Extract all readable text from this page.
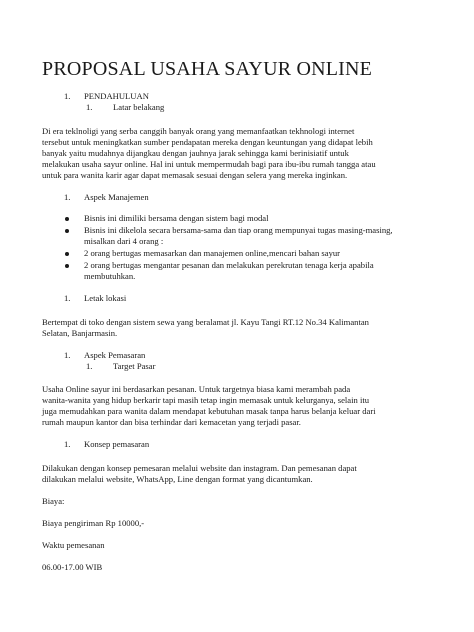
PROPOSAL USAHA SAYUR ONLINE
1. PENDAHULUAN
1. Latar belakang
Di era teklnoligi yang serba canggih banyak orang yang memanfaatkan tekhnologi internet
tersebut untuk meningkatkan sumber pendapatan mereka dengan keuntungan yang didapat lebih
banyak yaitu mudahnya dijangkau dengan jauhnya jarak sehingga kami berinisiatif untuk
melakukan usaha sayur online. Hal ini untuk mempermudah bagi para ibu-ibu rumah tangga atau
untuk para wanita karir agar dapat memasak sesuai dengan selera yang mereka inginkan.
1. Aspek Manajemen
Bisnis ini dimiliki bersama dengan sistem bagi modal
Bisnis ini dikelola secara bersama-sama dan tiap orang mempunyai tugas masing-masing,
misalkan dari 4 orang :
2 orang bertugas memasarkan dan manajemen online,mencari bahan sayur
2 orang bertugas mengantar pesanan dan melakukan perekrutan tenaga kerja apabila
membutuhkan.
1. Letak lokasi
Bertempat di toko dengan sistem sewa yang beralamat jl. Kayu Tangi RT.12 No.34 Kalimantan
Selatan, Banjarmasin.
1. Aspek Pemasaran
1. Target Pasar
Usaha Online sayur ini berdasarkan pesanan. Untuk targetnya biasa kami merambah pada
wanita-wanita yang hidup berkarir tapi masih tetap ingin memasak untuk kelurganya, selain itu
juga memudahkan para wanita dalam mendapat kebutuhan masak tanpa harus belanja keluar dari
rumah maupun kantor dan bisa terhindar dari kemacetan yang terjadi pasar.
1. Konsep pemasaran
Dilakukan dengan konsep pemesaran melalui website dan instagram. Dan pemesanan dapat
dilakukan melalui website, WhatsApp, Line dengan format yang dicantumkan.
Biaya:
Biaya pengiriman Rp 10000,-
Waktu pemesanan
06.00-17.00 WIB
